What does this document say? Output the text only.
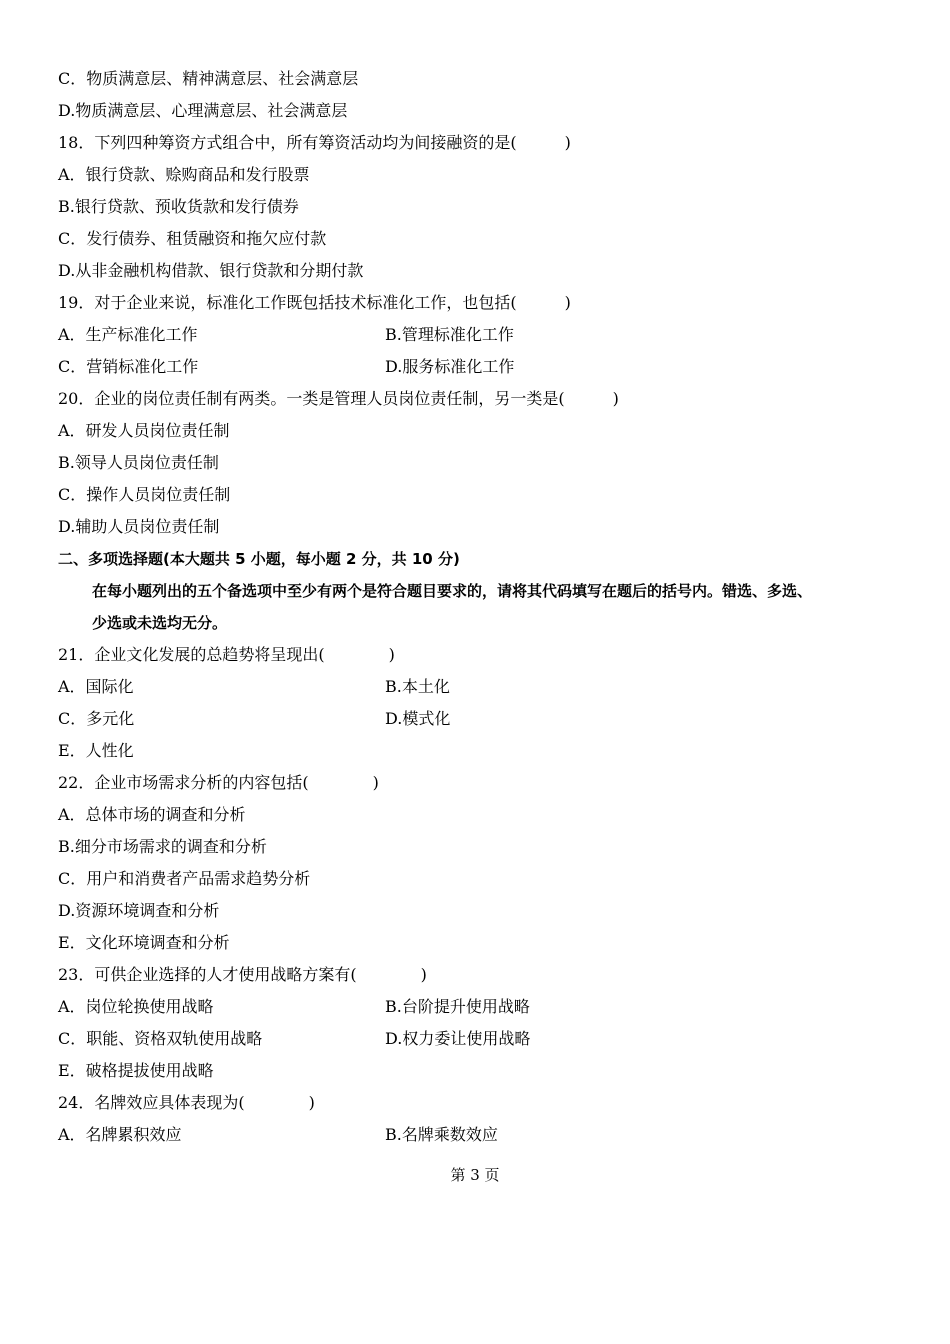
C．物质满意层、精神满意层、社会满意层
D.物质满意层、心理满意层、社会满意层
18．下列四种筹资方式组合中，所有筹资活动均为间接融资的是(　　　)
A．银行贷款、赊购商品和发行股票
B.银行贷款、预收货款和发行债券
C．发行债券、租赁融资和拖欠应付款
D.从非金融机构借款、银行贷款和分期付款
19．对于企业来说，标准化工作既包括技术标准化工作，也包括(　　　)
A．生产标准化工作	B.管理标准化工作
C．营销标准化工作	D.服务标准化工作
20．企业的岗位责任制有两类。一类是管理人员岗位责任制，另一类是(　　　)
A．研发人员岗位责任制
B.领导人员岗位责任制
C．操作人员岗位责任制
D.辅助人员岗位责任制
二、多项选择题(本大题共 5 小题，每小题 2 分，共 10 分)
在每小题列出的五个备选项中至少有两个是符合题目要求的，请将其代码填写在题后的括号内。错选、多选、
少选或未选均无分。
21．企业文化发展的总趋势将呈现出(　　　　)
A．国际化	B.本土化
C．多元化	D.模式化
E．人性化
22．企业市场需求分析的内容包括(　　　　)
A．总体市场的调查和分析
B.细分市场需求的调查和分析
C．用户和消费者产品需求趋势分析
D.资源环境调查和分析
E．文化环境调查和分析
23．可供企业选择的人才使用战略方案有(　　　　)
A．岗位轮换使用战略	B.台阶提升使用战略
C．职能、资格双轨使用战略	D.权力委让使用战略
E．破格提拔使用战略
24．名牌效应具体表现为(　　　　)
A．名牌累积效应	B.名牌乘数效应
第 3 页
